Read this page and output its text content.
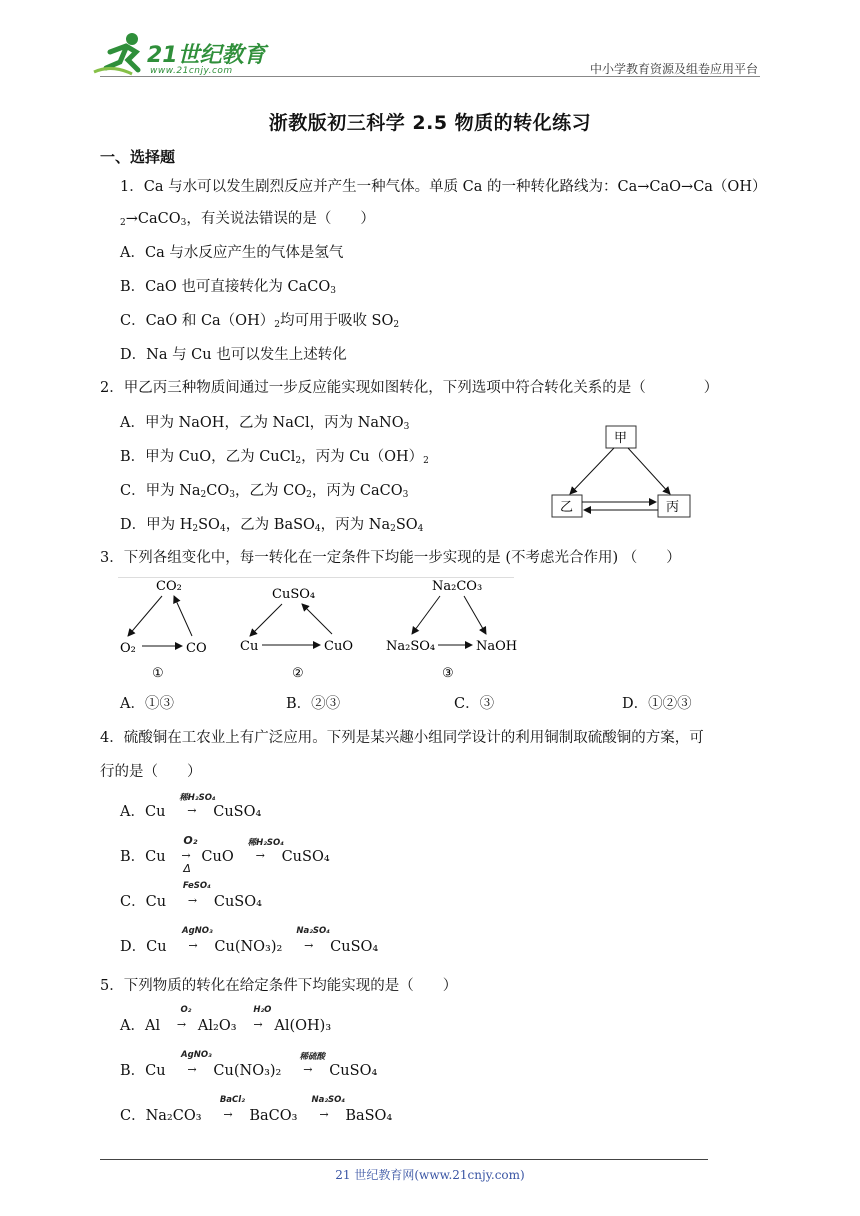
21世纪教育
www.21cnjy.com	中小学教育资源及组卷应用平台
浙教版初三科学 2.5 物质的转化练习
一、选择题
1．Ca 与水可以发生剧烈反应并产生一种气体。单质 Ca 的一种转化路线为：Ca→CaO→Ca（OH）
$_2$→CaCO$_3$，有关说法错误的是（　　）
A．Ca 与水反应产生的气体是氢气
B．CaO 也可直接转化为 CaCO$_3$
C．CaO 和 $Ca(OH)_2$均可用于吸收 $SO_2$
D．Na 与 Cu 也可以发生上述转化
2．甲乙丙三种物质间通过一步反应能实现如图转化，下列选项中符合转化关系的是（　　　　）
A．甲为 NaOH，乙为 NaCl，丙为 NaNO$_3$
B．甲为 CuO，乙为 CuCl$_2$，丙为 $Cu(OH)_2$
C．甲为 $Na_2CO_3$，乙为 $CO_2$，丙为 CaCO$_3$
D．甲为 $H_2SO_4$，乙为 BaSO$_4$，丙为 $Na_2SO_4$
甲
乙	丙
3．下列各组变化中，每一转化在一定条件下均能一步实现的是 (不考虑光合作用) （　　）
CO₂
O₂	CO
①
CuSO₄
Cu	CuO
②
Na₂CO₃
Na₂SO₄	NaOH
③
A．①③	B．②③	C．③	D．①②③
4．硫酸铜在工农业上有广泛应用。下列是某兴趣小组同学设计的利用铜制取硫酸铜的方案，可
行的是（　　）
A．Cu
稀H₂SO₄
→ CuSO₄
B．Cu
O₂
→
Δ
CuO
稀H₂SO₄
→ CuSO₄
C．Cu
FeSO₄
→ CuSO₄
D．Cu
AgNO₃
→ Cu(NO₃)₂
Na₂SO₄
→ CuSO₄
5．下列物质的转化在给定条件下均能实现的是（　　）
A．Al
O₂
→ Al₂O₃
H₂O
→ Al(OH)₃
B．Cu
AgNO₃
→ Cu(NO₃)₂
稀硫酸
→ CuSO₄
C．Na₂CO₃
BaCl₂
→ BaCO₃
Na₂SO₄
→ BaSO₄
21 世纪教育网(www.21cnjy.com)
